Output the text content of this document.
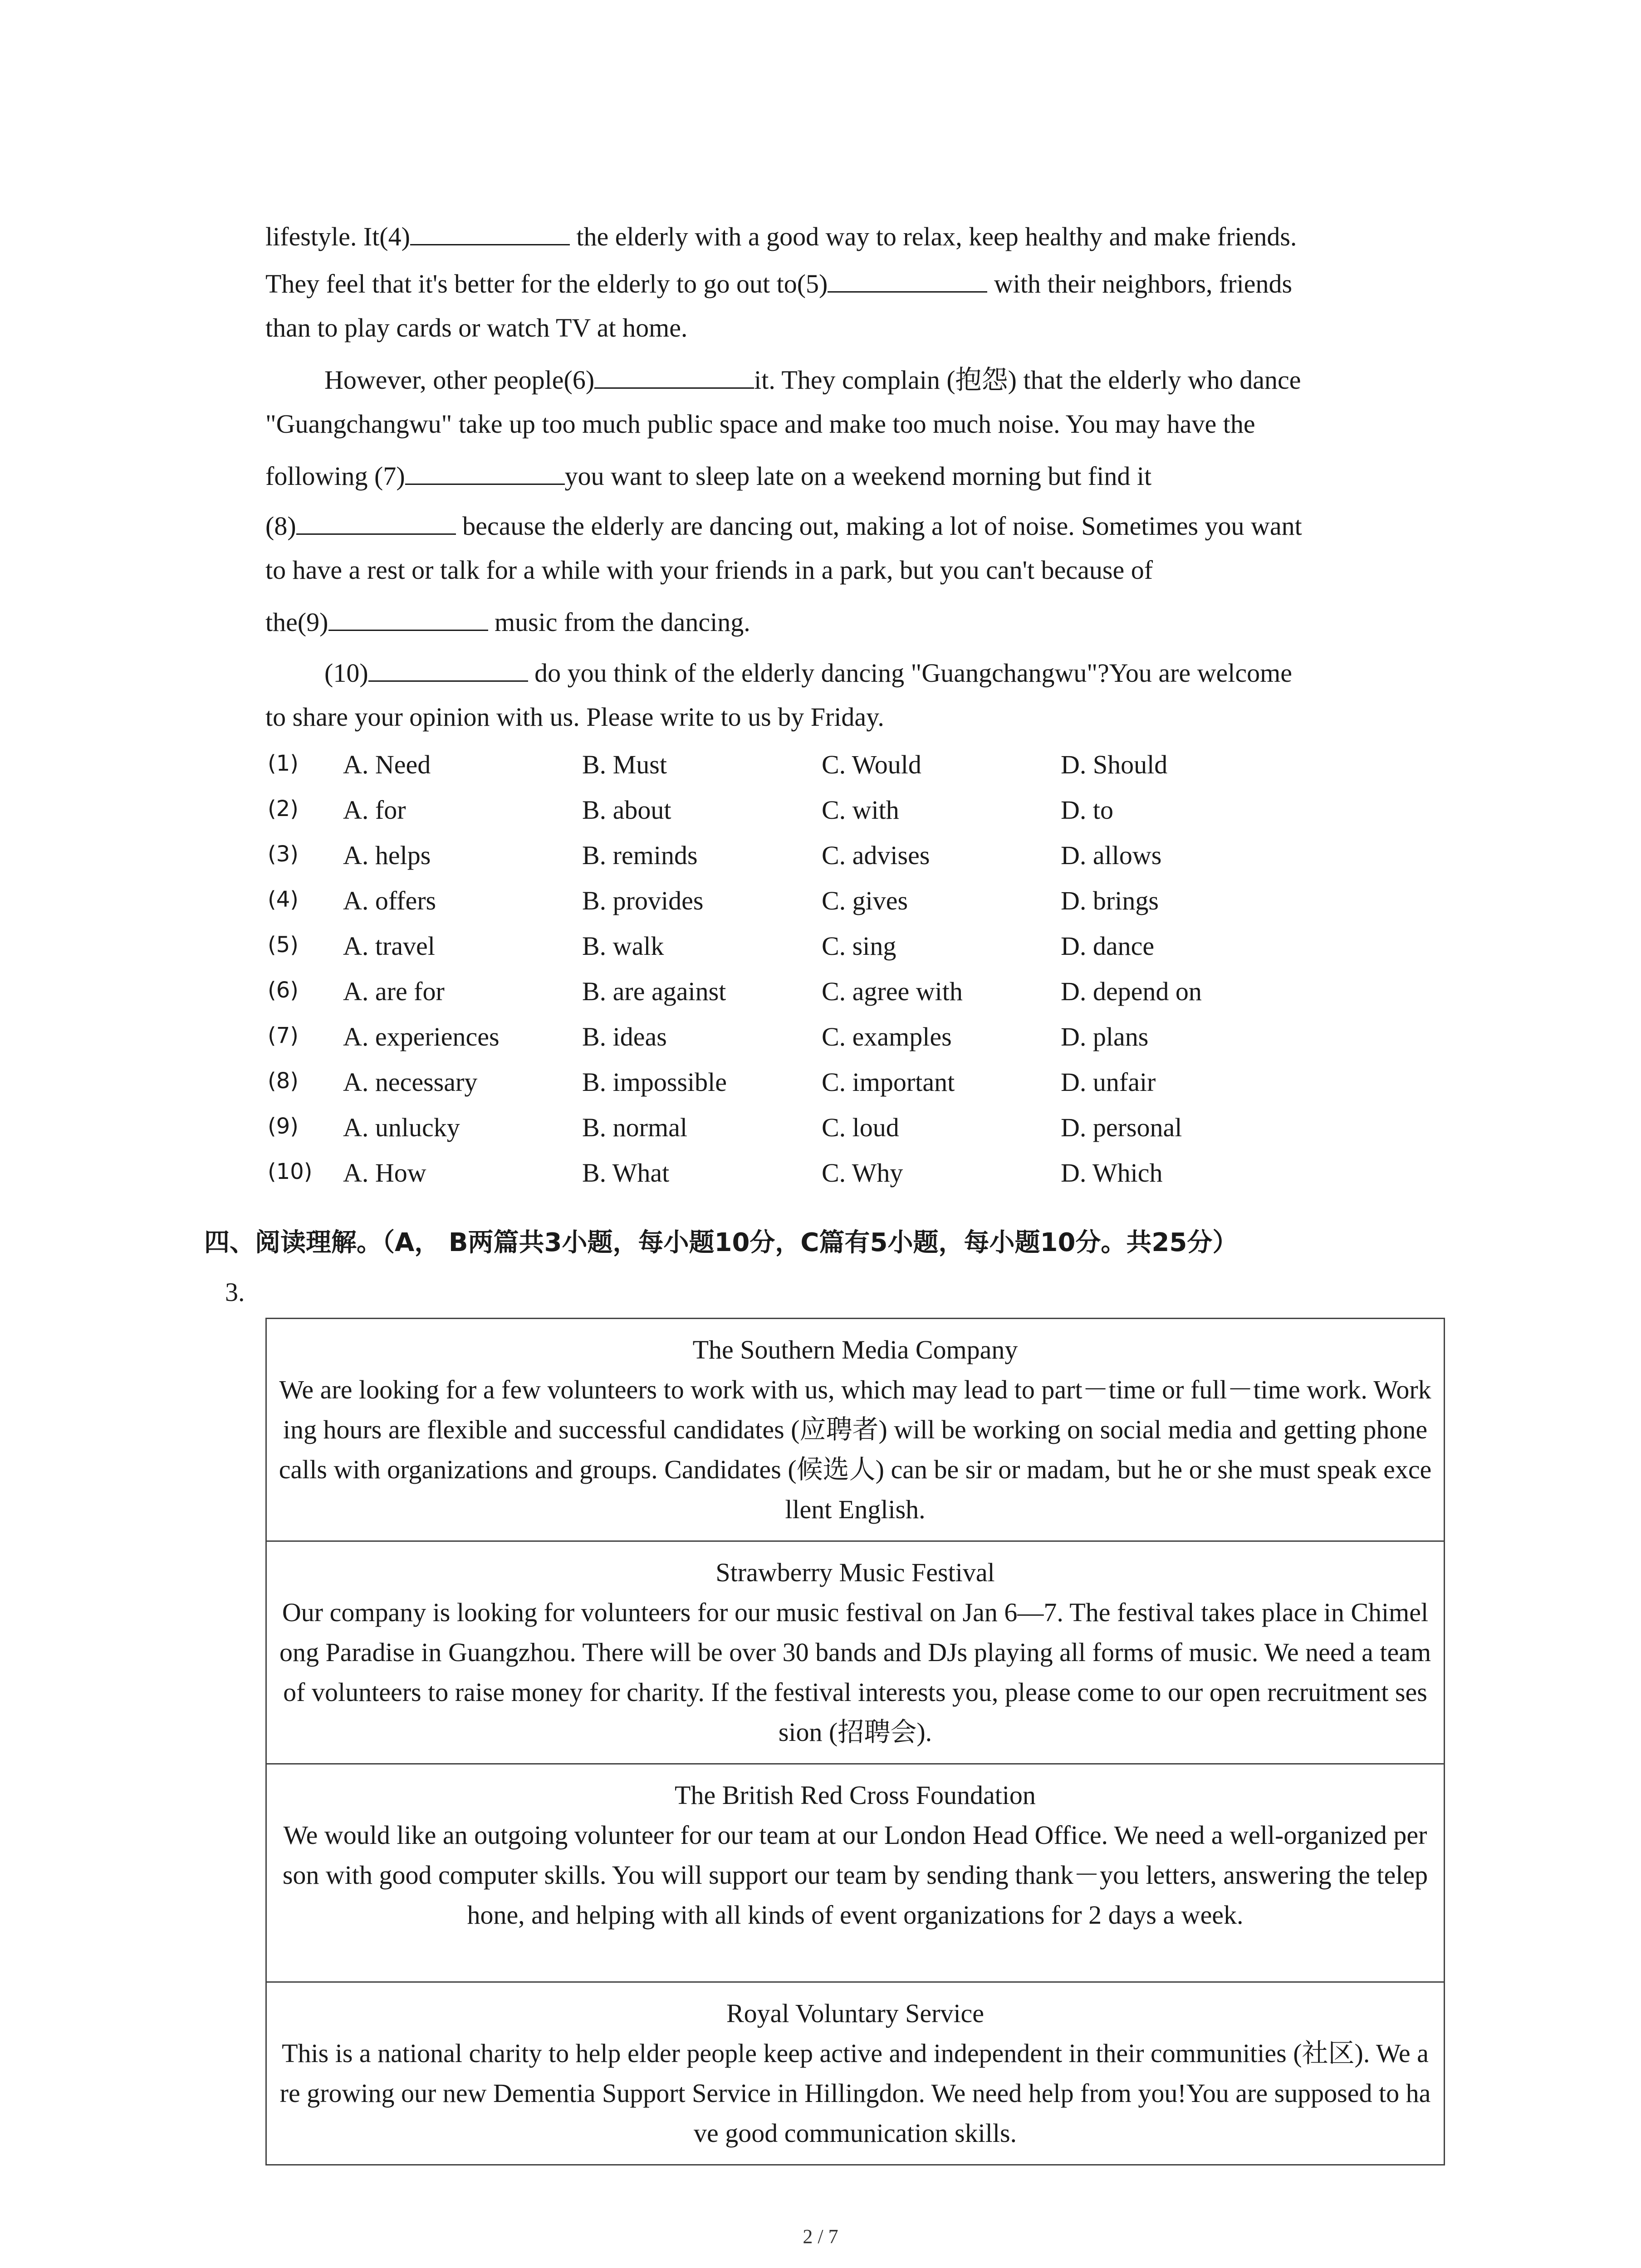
lifestyle. It(4)	the elderly with a good way to relax, keep healthy and make friends.
They feel that it's better for the elderly to go out to(5)	with their neighbors, friends
than to play cards or watch TV at home.
However, other people(6)	it. They complain (抱怨) that the elderly who dance
"Guangchangwu" take up too much public space and make too much noise. You may have the
following (7)	you want to sleep late on a weekend morning but find it
(8)	because the elderly are dancing out, making a lot of noise. Sometimes you want
to have a rest or talk for a while with your friends in a park, but you can't because of
the(9)	music from the dancing.
(10)	do you think of the elderly dancing "Guangchangwu"?You are welcome
to share your opinion with us. Please write to us by Friday.
(1) A. Need	B. Must	C. Would	D. Should
(2) A. for	B. about	C. with	D. to
(3) A. helps	B. reminds	C. advises	D. allows
(4) A. offers	B. provides	C. gives	D. brings
(5) A. travel	B. walk	C. sing	D. dance
(6) A. are for	B. are against	C. agree with	D. depend on
(7) A. experiences	B. ideas	C. examples	D. plans
(8) A. necessary	B. impossible	C. important	D. unfair
(9) A. unlucky	B. normal	C. loud	D. personal
(10) A. How	B. What	C. Why	D. Which
四、阅读理解。（A， B两篇共3小题，每小题10分，C篇有5小题，每小题10分。共25分）
3.
The Southern Media Company
We are looking for a few volunteers to work with us, which may lead to part－time or full－time work. Working hours are flexible and successful candidates (应聘者) will be working on social media and getting phone calls with organizations and groups. Candidates (候选人) can be sir or madam, but he or she must speak excellent English.

Strawberry Music Festival
Our company is looking for volunteers for our music festival on Jan 6—7. The festival takes place in Chimelong Paradise in Guangzhou. There will be over 30 bands and DJs playing all forms of music. We need a team of volunteers to raise money for charity. If the festival interests you, please come to our open recruitment session (招聘会).

The British Red Cross Foundation
We would like an outgoing volunteer for our team at our London Head Office. We need a well-organized person with good computer skills. You will support our team by sending thank－you letters, answering the telephone, and helping with all kinds of event organizations for 2 days a week.

Royal Voluntary Service
This is a national charity to help elder people keep active and independent in their communities (社区). We are growing our new Dementia Support Service in Hillingdon. We need help from you!You are supposed to have good communication skills.
2 / 7
